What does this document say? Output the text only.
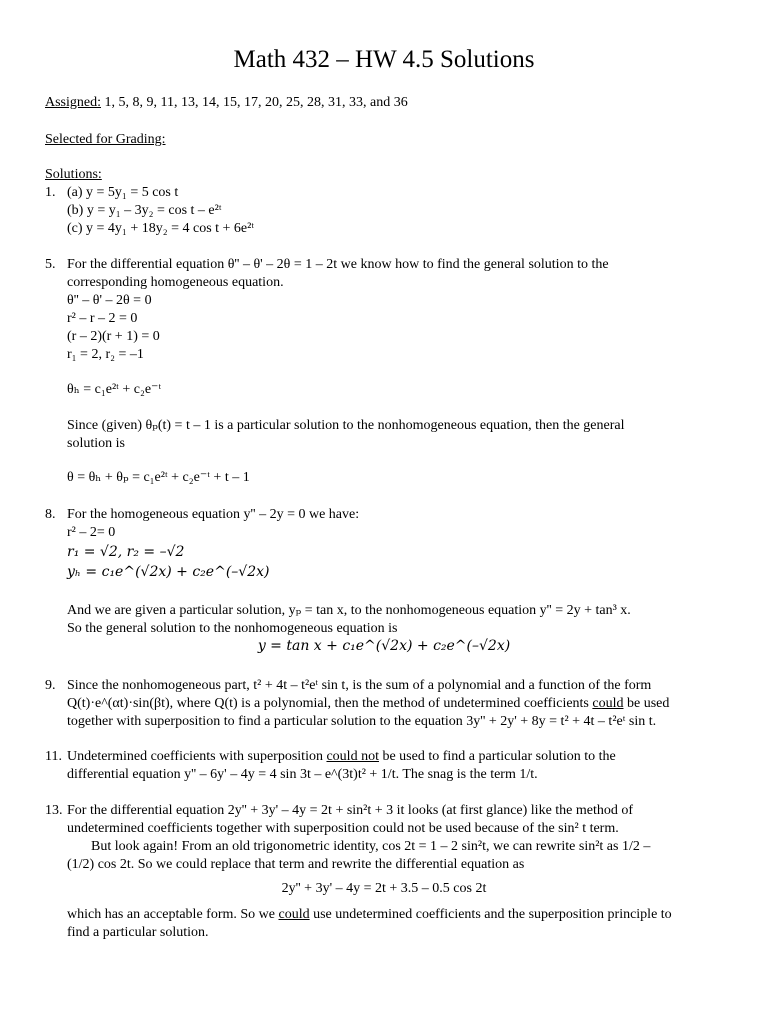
Math 432 – HW 4.5 Solutions
Assigned: 1, 5, 8, 9, 11, 13, 14, 15, 17, 20, 25, 28, 31, 33, and 36
Selected for Grading:
Solutions:
1. (a) y = 5y₁ = 5 cos t
(b) y = y₁ – 3y₂ = cos t – e²ᵗ
(c) y = 4y₁ + 18y₂ = 4 cos t + 6e²ᵗ
5. For the differential equation θ'' – θ' – 2θ = 1 – 2t we know how to find the general solution to the
corresponding homogeneous equation.
θ'' – θ' – 2θ = 0
r² – r – 2 = 0
(r – 2)(r + 1) = 0
r₁ = 2, r₂ = –1
θₕ = c₁e²ᵗ + c₂e⁻ᵗ
Since (given) θₚ(t) = t – 1 is a particular solution to the nonhomogeneous equation, then the general
solution is
θ = θₕ + θₚ = c₁e²ᵗ + c₂e⁻ᵗ + t – 1
8. For the homogeneous equation y'' – 2y = 0 we have:
r² – 2= 0
r₁ = √2, r₂ = –√2
yₕ = c₁e^(√2x) + c₂e^(–√2x)
And we are given a particular solution, yₚ = tan x, to the nonhomogeneous equation y'' = 2y + tan³ x.
So the general solution to the nonhomogeneous equation is
y = tan x + c₁e^(√2x) + c₂e^(–√2x)
9. Since the nonhomogeneous part, t² + 4t – t²eᵗ sin t, is the sum of a polynomial and a function of the form
Q(t)·e^(αt)·sin(βt), where Q(t) is a polynomial, then the method of undetermined coefficients could be used
together with superposition to find a particular solution to the equation 3y'' + 2y' + 8y = t² + 4t – t²eᵗ sin t.
11. Undetermined coefficients with superposition could not be used to find a particular solution to the
differential equation y'' – 6y' – 4y = 4 sin 3t – e^(3t)t² + 1/t. The snag is the term 1/t.
13. For the differential equation 2y'' + 3y' – 4y = 2t + sin²t + 3 it looks (at first glance) like the method of
undetermined coefficients together with superposition could not be used because of the sin² t term.
But look again! From an old trigonometric identity, cos 2t = 1 – 2 sin²t, we can rewrite sin²t as 1/2 –
(1/2) cos 2t. So we could replace that term and rewrite the differential equation as
2y'' + 3y' – 4y = 2t + 3.5 – 0.5 cos 2t
which has an acceptable form. So we could use undetermined coefficients and the superposition principle to
find a particular solution.
